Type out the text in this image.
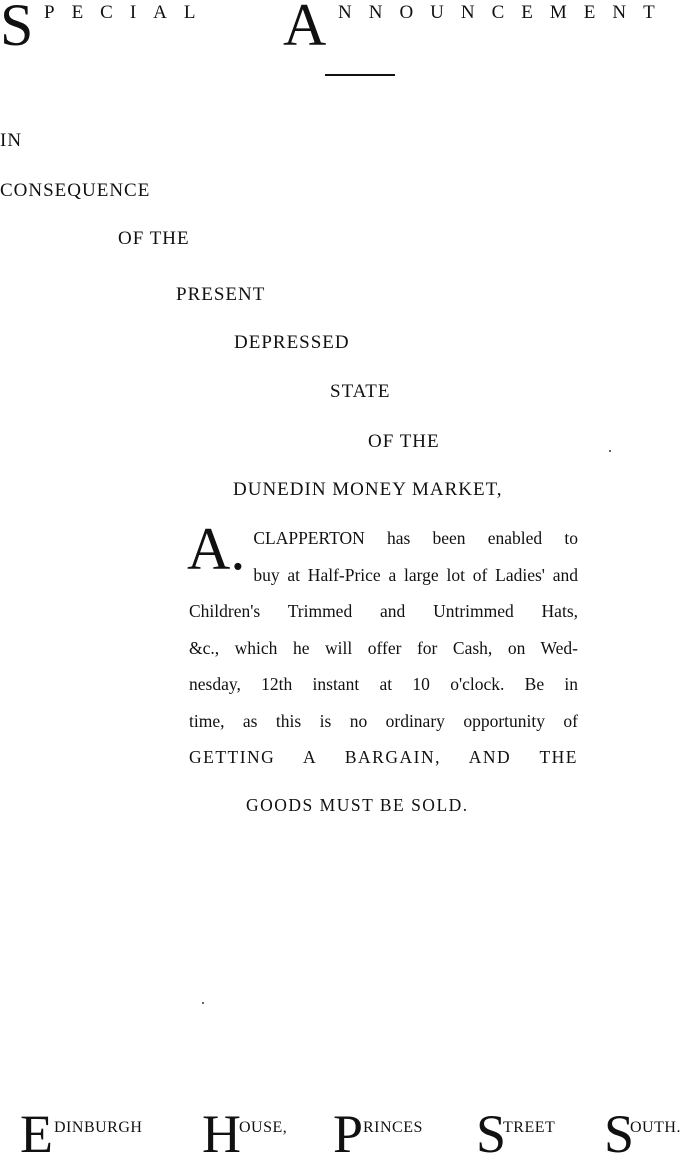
S PECIAL A NNOUNCEMENT
IN
CONSEQUENCE
OF THE
PRESENT
DEPRESSED
STATE
OF THE
DUNEDIN MONEY MARKET,
A. CLAPPERTON has been enabled to
buy at Half-Price a large lot of Ladies' and
Children's Trimmed and Untrimmed Hats,
&c., which he will offer for Cash, on Wed-
nesday, 12th instant at 10 o'clock. Be in
time, as this is no ordinary opportunity of
GETTING A BARGAIN, AND THE
GOODS MUST BE SOLD.
E DINBURGH H
OUSE, P RINCES S
TREET S
OUTH.
